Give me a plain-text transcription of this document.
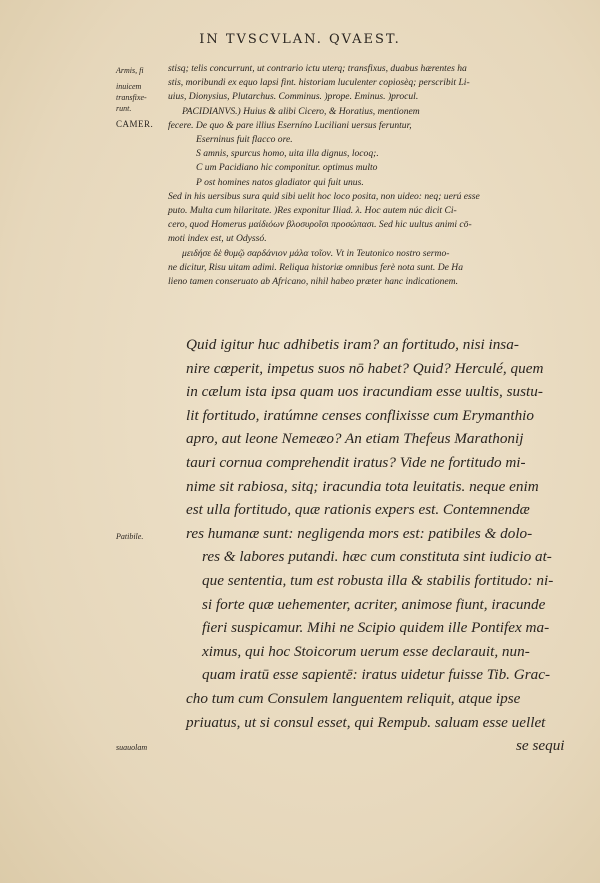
IN TVSCVLAN. QVAEST.
Armis, fi
inuicem
transfixe-
runt.
CAMER.
Patibile.
suauolam
stisq; telis concurrunt, ut contrario ictu uterq; transfixus, duabus hærentes ha
stis, moribundi ex equo lapsi fint. historiam luculenter copiosèq; perscribit Li-
uius, Dionysius, Plutarchus. Comminus. )prope. Eminus. )procul.
PACIDIANVS.) Huius & alibi Cicero, & Horatius, mentionem
fecere. De quo & pare illius Eserníno Luciliani uersus feruntur,
Eserninus fuit flacco ore.
S amnis, spurcus homo, uita illa dignus, locoq;.
C um Pacidiano hic componitur. optimus multo
P ost homines natos gladiator qui fuit unus.
Sed in his uersibus sura quid sibi uelit hoc loco posita, non uideo: neq; uerú esse
puto. Multa cum hilaritate. )Res exponitur Iliad. λ. Hoc autem núc dicit Ci-
cero, quod Homerus μαίδιόων βλοσυροῖσι προσώπασι. Sed hic uultus animi cō-
moti index est, ut Odyssó.
μειδήσε δὲ θυμῷ σαρδάνιον μάλα τοῖον. Vt in Teutonico nostro sermo-
ne dicitur, Risu uitam adimi. Reliqua historiæ omnibus ferè nota sunt. De Ha
lieno tamen conseruato ab Africano, nihil habeo præter hanc indicationem.
Quid igitur huc adhibetis iram? an fortitudo, nisi insa-
nire cœperit, impetus suos nō habet? Quid? Herculé, quem
in cælum ista ipsa quam uos iracundiam esse uultis, sustu-
lit fortitudo, iratúmne censes conflixisse cum Erymanthio
apro, aut leone Nemeæo? An etiam Thefeus Marathonij
tauri cornua comprehendit iratus? Vide ne fortitudo mi-
nime sit rabiosa, sitq; iracundia tota leuitatis. neque enim
est ulla fortitudo, quæ rationis expers est. Contemnendæ
res humanæ sunt: negligenda mors est: patibiles & dolo-
res & labores putandi. hæc cum constituta sint iudicio at-
que sententia, tum est robusta illa & stabilis fortitudo: ni-
si forte quæ uehementer, acriter, animose fiunt, iracunde
fieri suspicamur. Mihi ne Scipio quidem ille Pontifex ma-
ximus, qui hoc Stoicorum uerum esse declarauit, nun-
quam iratū esse sapientē: iratus uidetur fuisse Tib. Grac-
cho tum cum Consulem languentem reliquit, atque ipse
priuatus, ut si consul esset, qui Rempub. saluam esse uellet
se sequi
